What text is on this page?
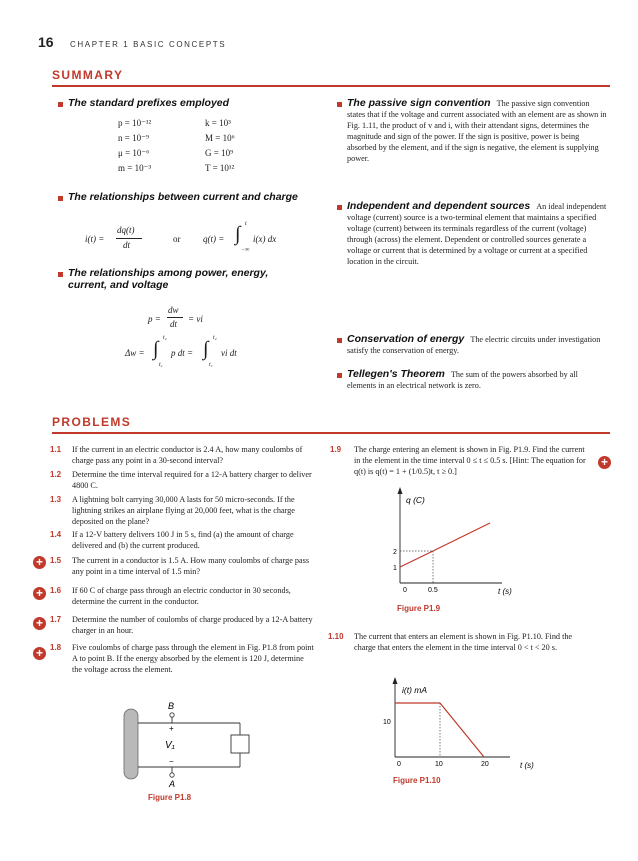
16 CHAPTER 1 BASIC CONCEPTS
SUMMARY
The standard prefixes employed
p = 10⁻¹²	k = 10³
n = 10⁻⁹	M = 10⁶
μ = 10⁻⁶	G = 10⁹
m = 10⁻³	T = 10¹²
The relationships between current and charge
i(t) =
dq(t)
dt
or	q(t) = ∫ t
−∞
i(x) dx
The relationships among power, energy, current, and voltage
p =
dw
dt = vi
Δw = ∫ t₂
t₁
p dt = ∫ t₂
t₁
vi dt
The passive sign convention The passive sign convention states that if the voltage and current associated with an element are as shown in Fig. 1.11, the product of v and i, with their attendant signs, determines the magnitude and sign of the power. If the sign is positive, power is being absorbed by the element, and if the sign is negative, the element is supplying power.
Independent and dependent sources An ideal independent voltage (current) source is a two-terminal element that maintains a specified voltage (current) between its terminals regardless of the current (voltage) through (across) the element. Dependent or controlled sources generate a voltage or current that is determined by a voltage or current at a specified location in the circuit.
Conservation of energy The electric circuits under investigation satisfy the conservation of energy.
Tellegen's Theorem The sum of the powers absorbed by all elements in an electrical network is zero.
PROBLEMS
1.1 If the current in an electric conductor is 2.4 A, how many coulombs of charge pass any point in a 30-second interval?
1.2 Determine the time interval required for a 12-A battery charger to deliver 4800 C.
1.3 A lightning bolt carrying 30,000 A lasts for 50 micro-seconds. If the lightning strikes an airplane flying at 20,000 feet, what is the charge deposited on the plane?
1.4 If a 12-V battery delivers 100 J in 5 s, find (a) the amount of charge delivered and (b) the current produced.
+ 1.5 The current in a conductor is 1.5 A. How many coulombs of charge pass any point in a time interval of 1.5 min?
+ 1.6 If 60 C of charge pass through an electric conductor in 30 seconds, determine the current in the conductor.
+ 1.7 Determine the number of coulombs of charge produced by a 12-A battery charger in an hour.
+ 1.8 Five coulombs of charge pass through the element in Fig. P1.8 from point A to point B. If the energy absorbed by the element is 120 J, determine the voltage across the element.
B
A
+
−
V₁
Figure P1.8
+
1.9 The charge entering an element is shown in Fig. P1.9. Find the current in the element in the time interval 0 ≤ t ≤ 0.5 s. [Hint: The equation for q(t) is q(t) = 1 + (1/0.5)t, t ≥ 0.]
q (C)
2
1
0	0.5	t (s)
Figure P1.9
1.10 The current that enters an element is shown in Fig. P1.10. Find the charge that enters the element in the time interval 0 < t < 20 s.
i(t) mA
10
0	10	20	t (s)
Figure P1.10
